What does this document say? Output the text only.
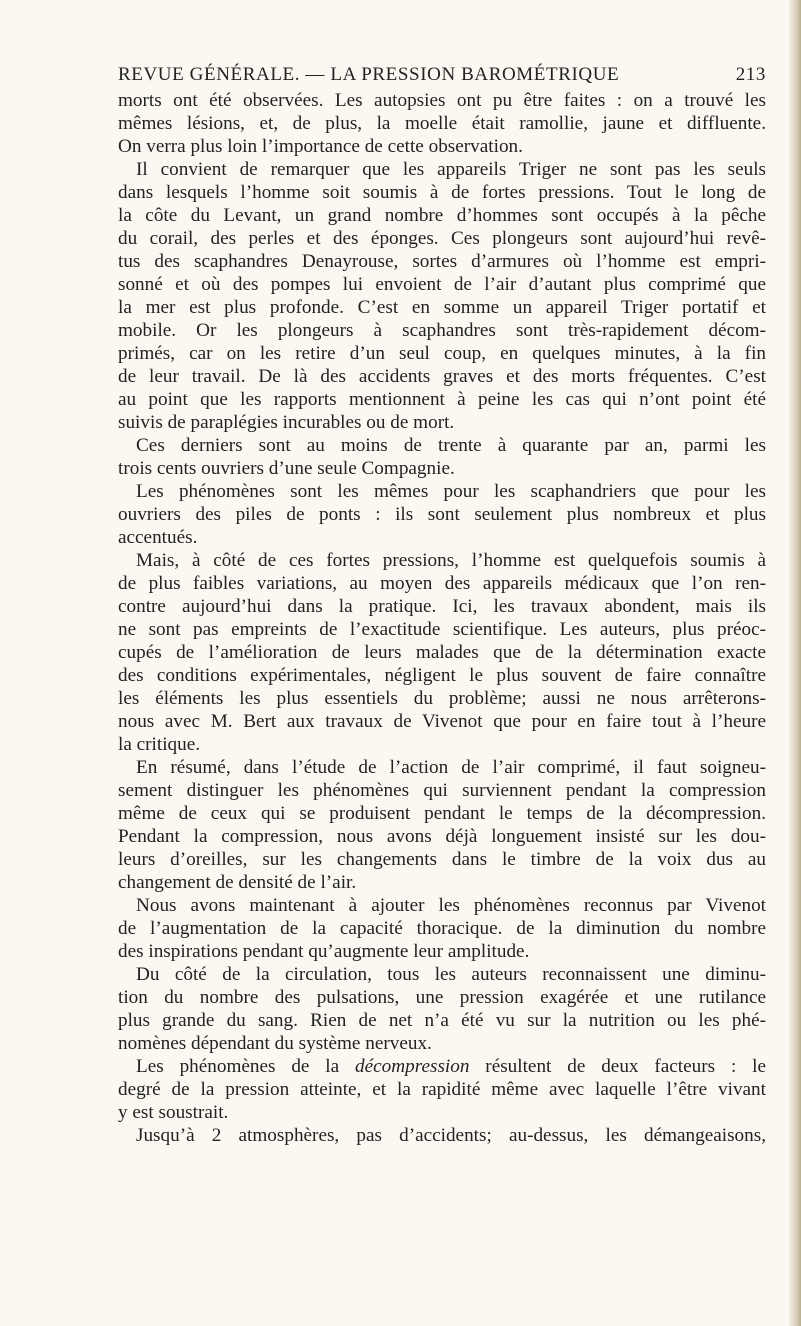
REVUE GÉNÉRALE. — LA PRESSION BAROMÉTRIQUE	213
morts ont été observées. Les autopsies ont pu être faites : on a trouvé les
mêmes lésions, et, de plus, la moelle était ramollie, jaune et diffluente.
On verra plus loin l’importance de cette observation.
Il convient de remarquer que les appareils Triger ne sont pas les seuls
dans lesquels l’homme soit soumis à de fortes pressions. Tout le long de
la côte du Levant, un grand nombre d’hommes sont occupés à la pêche
du corail, des perles et des éponges. Ces plongeurs sont aujourd’hui revê-
tus des scaphandres Denayrouse, sortes d’armures où l’homme est empri-
sonné et où des pompes lui envoient de l’air d’autant plus comprimé que
la mer est plus profonde. C’est en somme un appareil Triger portatif et
mobile. Or les plongeurs à scaphandres sont très-rapidement décom-
primés, car on les retire d’un seul coup, en quelques minutes, à la fin
de leur travail. De là des accidents graves et des morts fréquentes. C’est
au point que les rapports mentionnent à peine les cas qui n’ont point été
suivis de paraplégies incurables ou de mort.
Ces derniers sont au moins de trente à quarante par an, parmi les
trois cents ouvriers d’une seule Compagnie.
Les phénomènes sont les mêmes pour les scaphandriers que pour les
ouvriers des piles de ponts : ils sont seulement plus nombreux et plus
accentués.
Mais, à côté de ces fortes pressions, l’homme est quelquefois soumis à
de plus faibles variations, au moyen des appareils médicaux que l’on ren-
contre aujourd’hui dans la pratique. Ici, les travaux abondent, mais ils
ne sont pas empreints de l’exactitude scientifique. Les auteurs, plus préoc-
cupés de l’amélioration de leurs malades que de la détermination exacte
des conditions expérimentales, négligent le plus souvent de faire connaître
les éléments les plus essentiels du problème; aussi ne nous arrêterons-
nous avec M. Bert aux travaux de Vivenot que pour en faire tout à l’heure
la critique.
En résumé, dans l’étude de l’action de l’air comprimé, il faut soigneu-
sement distinguer les phénomènes qui surviennent pendant la compression
même de ceux qui se produisent pendant le temps de la décompression.
Pendant la compression, nous avons déjà longuement insisté sur les dou-
leurs d’oreilles, sur les changements dans le timbre de la voix dus au
changement de densité de l’air.
Nous avons maintenant à ajouter les phénomènes reconnus par Vivenot
de l’augmentation de la capacité thoracique. de la diminution du nombre
des inspirations pendant qu’augmente leur amplitude.
Du côté de la circulation, tous les auteurs reconnaissent une diminu-
tion du nombre des pulsations, une pression exagérée et une rutilance
plus grande du sang. Rien de net n’a été vu sur la nutrition ou les phé-
nomènes dépendant du système nerveux.
Les phénomènes de la décompression résultent de deux facteurs : le
degré de la pression atteinte, et la rapidité même avec laquelle l’être vivant
y est soustrait.
Jusqu’à 2 atmosphères, pas d’accidents; au-dessus, les démangeaisons,
